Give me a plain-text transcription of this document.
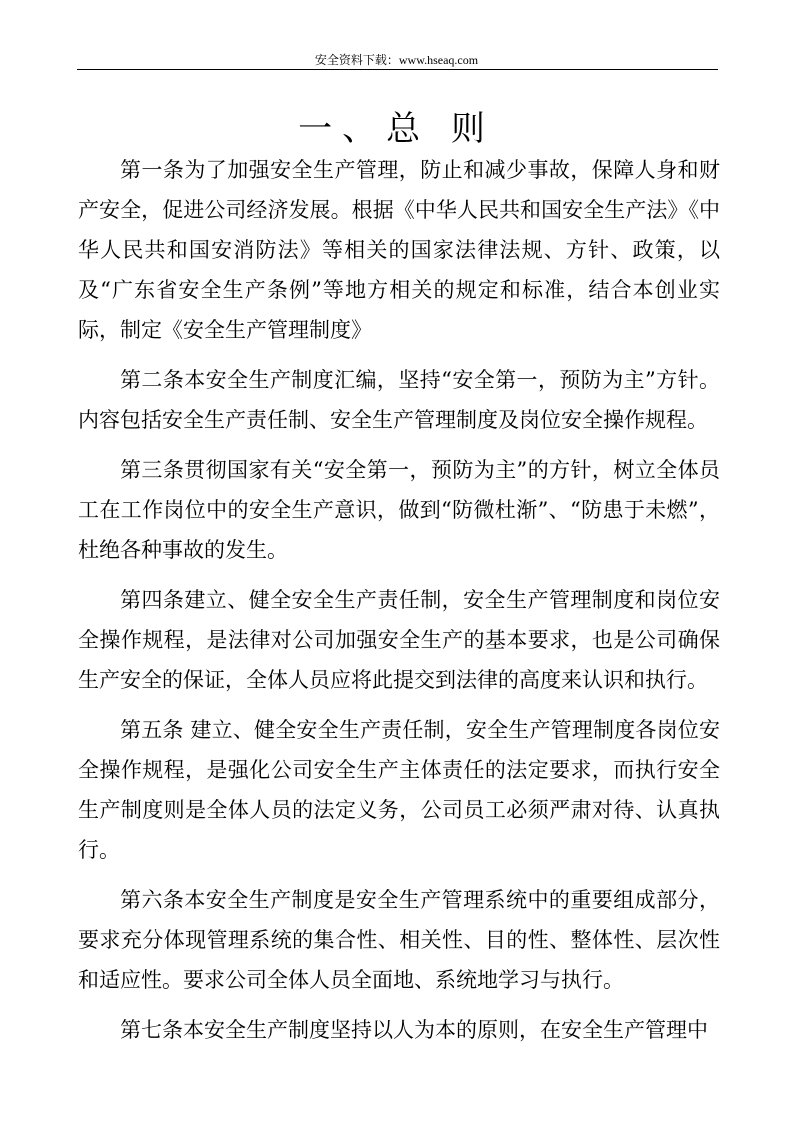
安全资料下载：www.hseaq.com
一、总 则

第一条为了加强安全生产管理，防止和减少事故，保障人身和财产安全，促进公司经济发展。根据《中华人民共和国安全生产法》《中华人民共和国安消防法》等相关的国家法律法规、方针、政策，以及“广东省安全生产条例”等地方相关的规定和标准，结合本创业实际，制定《安全生产管理制度》

第二条本安全生产制度汇编，坚持“安全第一，预防为主”方针。内容包括安全生产责任制、安全生产管理制度及岗位安全操作规程。

第三条贯彻国家有关“安全第一，预防为主”的方针，树立全体员工在工作岗位中的安全生产意识，做到“防微杜渐”、“防患于未燃”，杜绝各种事故的发生。

第四条建立、健全安全生产责任制，安全生产管理制度和岗位安全操作规程，是法律对公司加强安全生产的基本要求，也是公司确保生产安全的保证，全体人员应将此提交到法律的高度来认识和执行。

第五条 建立、健全安全生产责任制，安全生产管理制度各岗位安全操作规程，是强化公司安全生产主体责任的法定要求，而执行安全生产制度则是全体人员的法定义务，公司员工必须严肃对待、认真执行。

第六条本安全生产制度是安全生产管理系统中的重要组成部分，要求充分体现管理系统的集合性、相关性、目的性、整体性、层次性和适应性。要求公司全体人员全面地、系统地学习与执行。

第七条本安全生产制度坚持以人为本的原则，在安全生产管理中
